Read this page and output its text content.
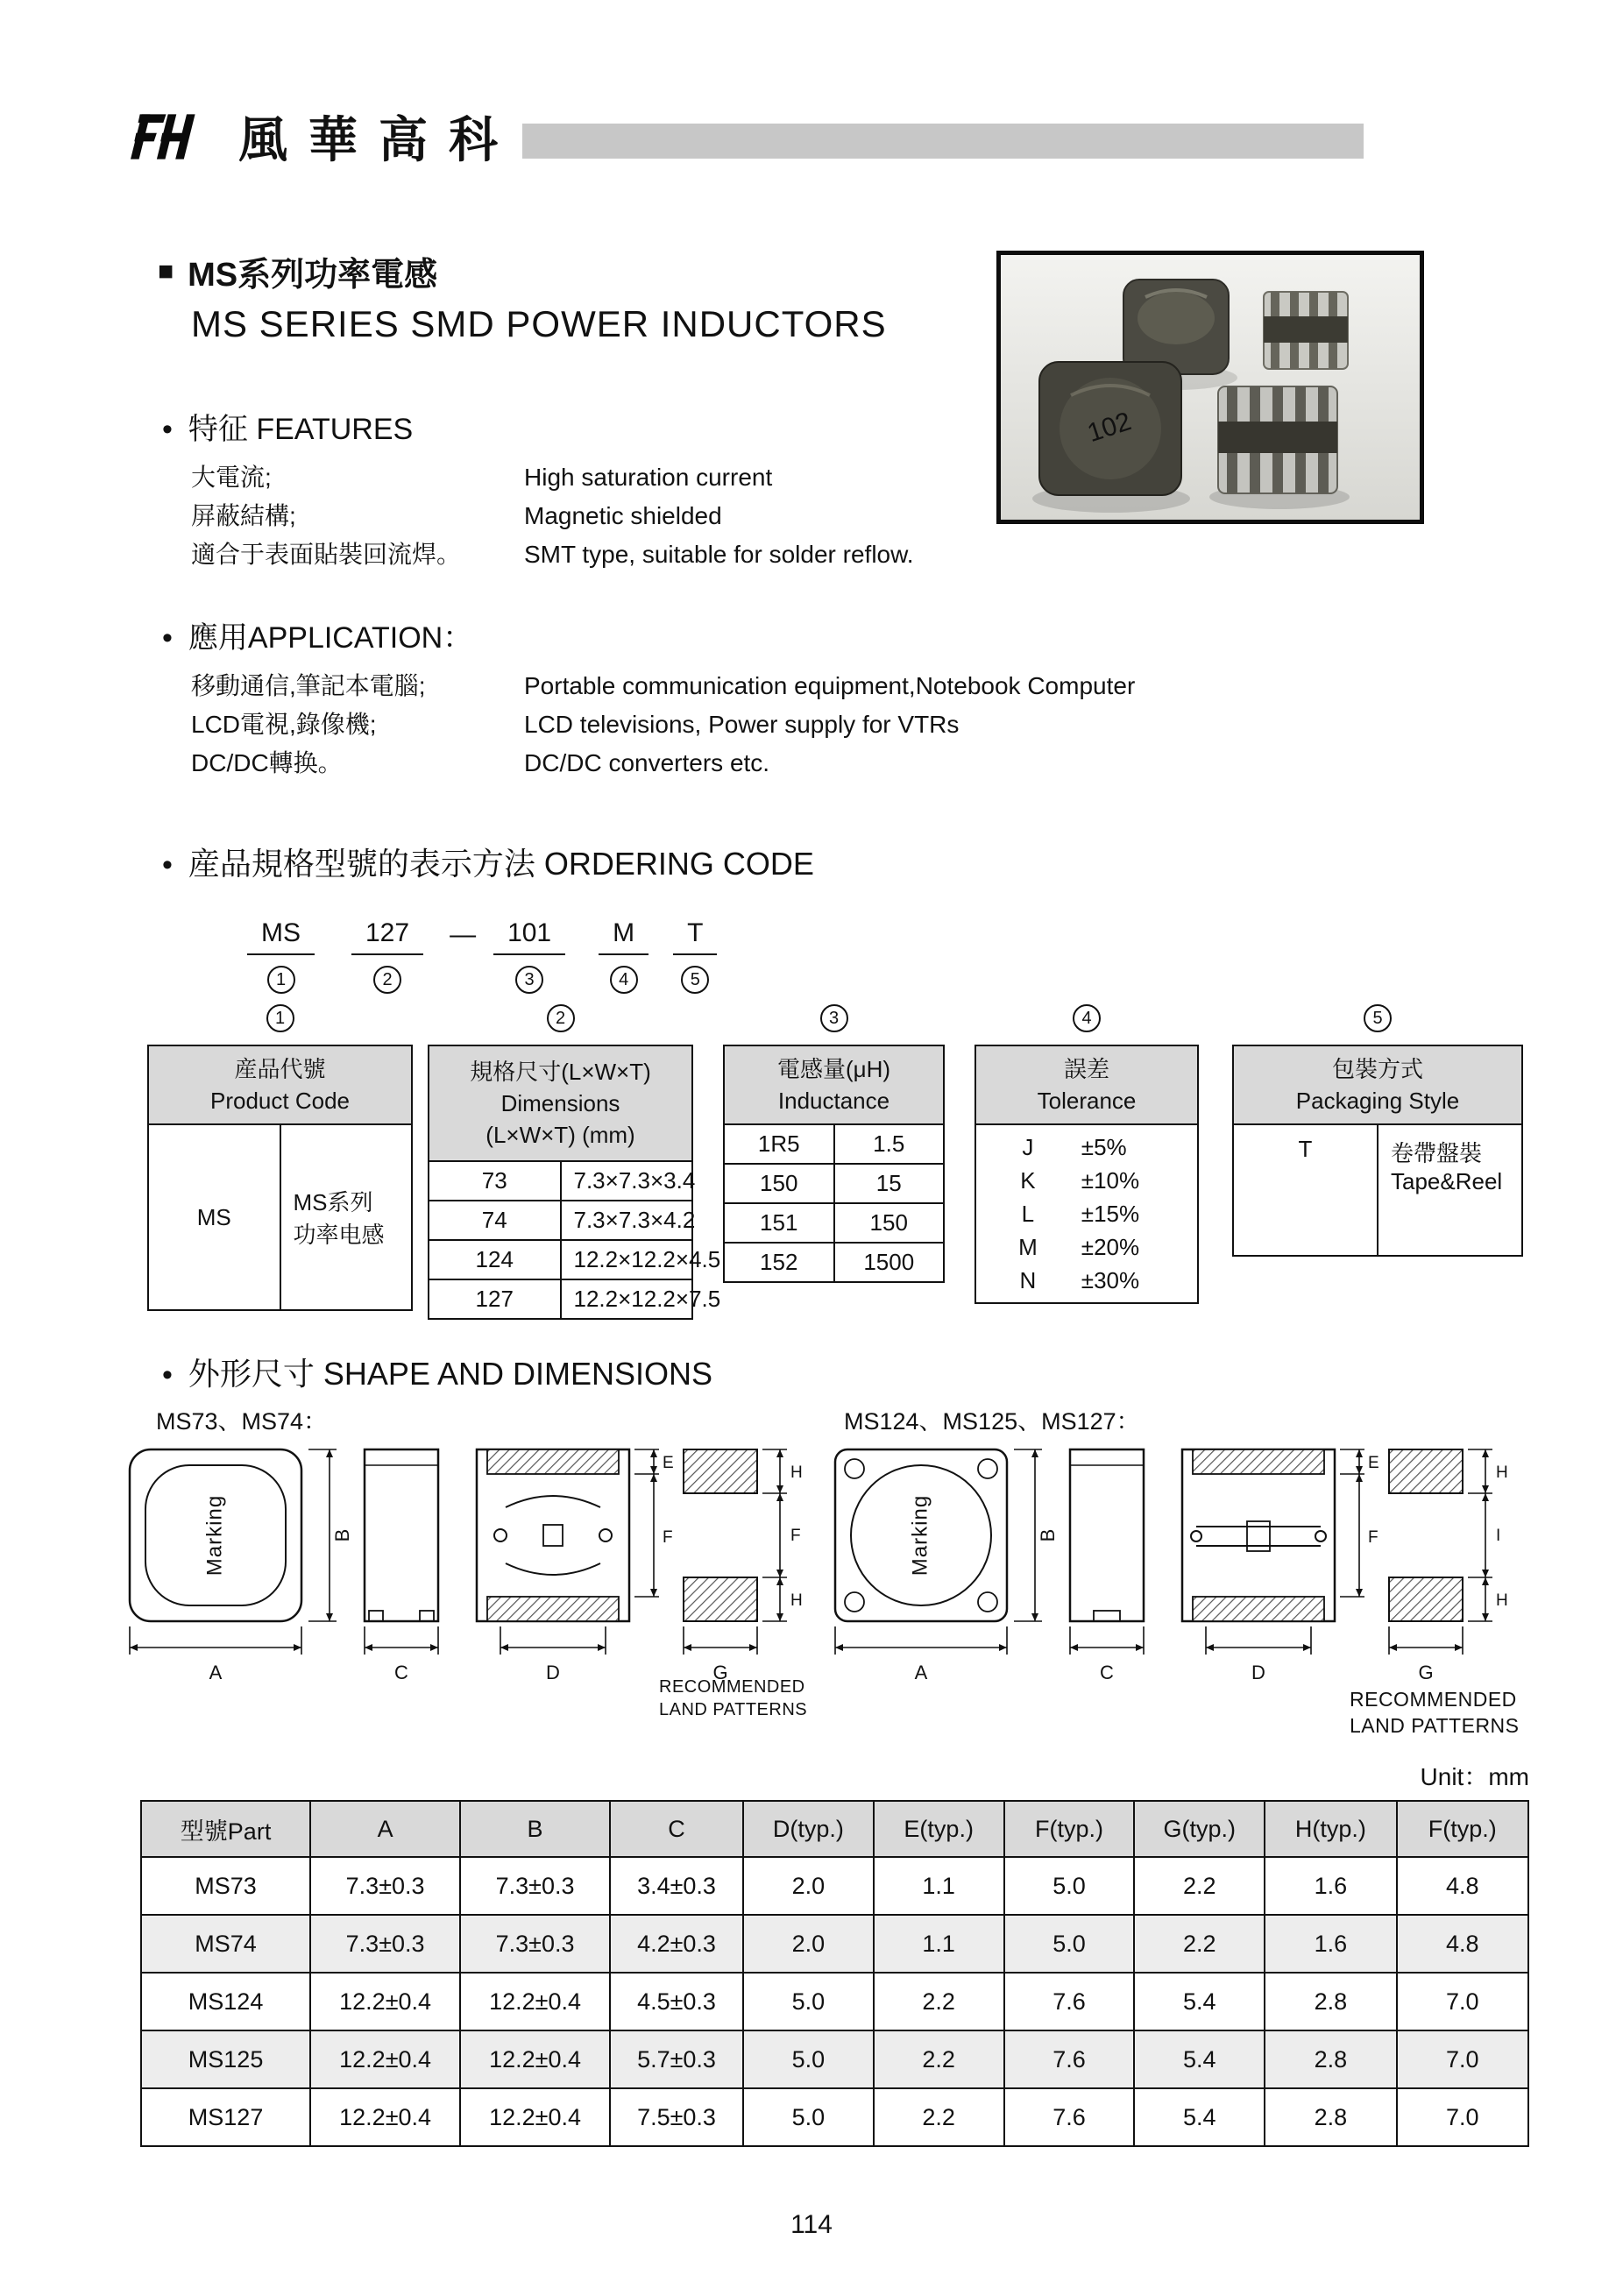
風華高科
■ MS系列功率電感
MS SERIES SMD POWER INDUCTORS
102
• 特征 FEATURES
大電流;	High saturation current
屏蔽結構;	Magnetic shielded
適合于表面貼裝回流焊。	SMT type, suitable for solder reflow.
• 應用APPLICATION：
移動通信,筆記本電腦;	Portable communication equipment,Notebook Computer
LCD電視,錄像機;	LCD televisions, Power supply for VTRs
DC/DC轉换。	DC/DC converters etc.
• 産品規格型號的表示方法 ORDERING CODE
MS
1
127
2
—	101
3
M
4
T
5
1
産品代號
Product Code

MS	
MS系列
功率电感
2
規格尺寸(L×W×T)
Dimensions
(L×W×T) (mm)	

73	7.3×7.3×3.4
74	7.3×7.3×4.2
124	12.2×12.2×4.5
127	12.2×12.2×7.5
3
電感量(μH)
Inductance	

1R5	1.5
150	15
151	150
152	1500
4
誤差
Tolerance

J	±5%
K	±10%
L	±15%
M	±20%
N	±30%
5
包裝方式
Packaging Style

T	卷帶盤裝
Tape&Reel
• 外形尺寸 SHAPE AND DIMENSIONS
MS73、MS74：	MS124、MS125、MS127：
Marking
A
B
C	D
E
F
G
H
F
H
Marking
A
B
C	D
E
F
G
H
I
H
RECOMMENDED
LAND PATTERNS	RECOMMENDED
LAND PATTERNS
Unit：mm
型號Part	A	B	C	D(typ.)	E(typ.)	F(typ.)	G(typ.)	H(typ.)	F(typ.)
MS73	7.3±0.3	7.3±0.3	3.4±0.3	2.0	1.1	5.0	2.2	1.6	4.8
MS74	7.3±0.3	7.3±0.3	4.2±0.3	2.0	1.1	5.0	2.2	1.6	4.8
MS124	12.2±0.4	12.2±0.4	4.5±0.3	5.0	2.2	7.6	5.4	2.8	7.0
MS125	12.2±0.4	12.2±0.4	5.7±0.3	5.0	2.2	7.6	5.4	2.8	7.0
MS127	12.2±0.4	12.2±0.4	7.5±0.3	5.0	2.2	7.6	5.4	2.8	7.0
114
